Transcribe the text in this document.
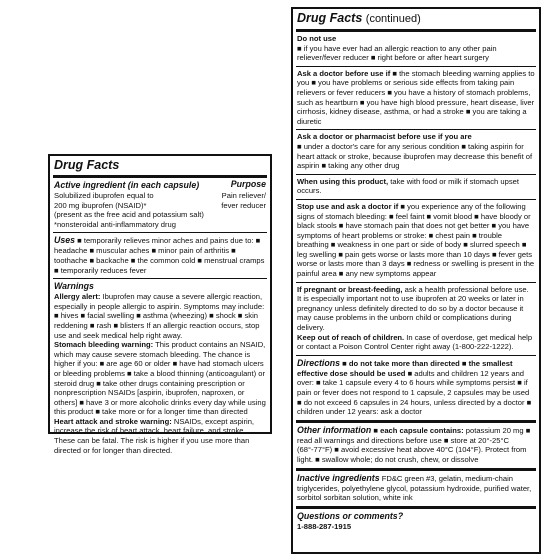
Drug Facts
Active ingredient (in each capsule)	Purpose
Solubilized ibuprofen equal to	Pain reliever/
200 mg ibuprofen (NSAID)*	fever reducer

(present as the free acid and potassium salt)

*nonsteroidal anti-inflammatory drug

Uses ■ temporarily relieves minor aches and pains due to: ■ headache ■ muscular aches ■ minor pain of arthritis ■ toothache ■ backache ■ the common cold ■ menstrual cramps ■ temporarily reduces fever

Warnings

Allergy alert: Ibuprofen may cause a severe allergic reaction, especially in people allergic to aspirin. Symptoms may include: ■ hives ■ facial swelling ■ asthma (wheezing) ■ shock ■ skin reddening ■ rash ■ blisters If an allergic reaction occurs, stop use and seek medical help right away.

Stomach bleeding warning: This product contains an NSAID, which may cause severe stomach bleeding. The chance is higher if you: ■ are age 60 or older ■ have had stomach ulcers or bleeding problems ■ take a blood thinning (anticoagulant) or steroid drug ■ take other drugs containing prescription or nonprescription NSAIDs [aspirin, ibuprofen, naproxen, or others] ■ have 3 or more alcoholic drinks every day while using this product ■ take more or for a longer time than directed

Heart attack and stroke warning: NSAIDs, except aspirin, increase the risk of heart attack, heart failure, and stroke. These can be fatal. The risk is higher if you use more than directed or for longer than directed.

Drug Facts (continued)

Do not use

■ if you have ever had an allergic reaction to any other pain reliever/fever reducer ■ right before or after heart surgery

Ask a doctor before use if ■ the stomach bleeding warning applies to you ■ you have problems or serious side effects from taking pain relievers or fever reducers ■ you have a history of stomach problems, such as heartburn ■ you have high blood pressure, heart disease, liver cirrhosis, kidney disease, asthma, or had a stroke ■ you are taking a diuretic

Ask a doctor or pharmacist before use if you are

■ under a doctor's care for any serious condition ■ taking aspirin for heart attack or stroke, because ibuprofen may decrease this benefit of aspirin ■ taking any other drug

When using this product, take with food or milk if stomach upset occurs.

Stop use and ask a doctor if ■ you experience any of the following signs of stomach bleeding: ■ feel faint ■ vomit blood ■ have bloody or black stools ■ have stomach pain that does not get better ■ you have symptoms of heart problems or stroke: ■ chest pain ■ trouble breathing ■ weakness in one part or side of body ■ slurred speech ■ leg swelling ■ pain gets worse or lasts more than 10 days ■ fever gets worse or lasts more than 3 days ■ redness or swelling is present in the painful area ■ any new symptoms appear

If pregnant or breast-feeding, ask a health professional before use. It is especially important not to use ibuprofen at 20 weeks or later in pregnancy unless definitely directed to do so by a doctor because it may cause problems in the unborn child or complications during delivery.

Keep out of reach of children. In case of overdose, get medical help or contact a Poison Control Center right away (1-800-222-1222).

Directions ■ do not take more than directed ■ the smallest effective dose should be used ■ adults and children 12 years and over: ■ take 1 capsule every 4 to 6 hours while symptoms persist ■ if pain or fever does not respond to 1 capsule, 2 capsules may be used ■ do not exceed 6 capsules in 24 hours, unless directed by a doctor ■ children under 12 years: ask a doctor

Other information ■ each capsule contains: potassium 20 mg ■ read all warnings and directions before use ■ store at 20°-25°C (68°-77°F) ■ avoid excessive heat above 40°C (104°F). Protect from light. ■ swallow whole; do not crush, chew, or dissolve

Inactive ingredients FD&C green #3, gelatin, medium-chain triglycerides, polyethylene glycol, potassium hydroxide, purified water, sorbitol sorbitan solution, white ink

Questions or comments?

1-888-287-1915
